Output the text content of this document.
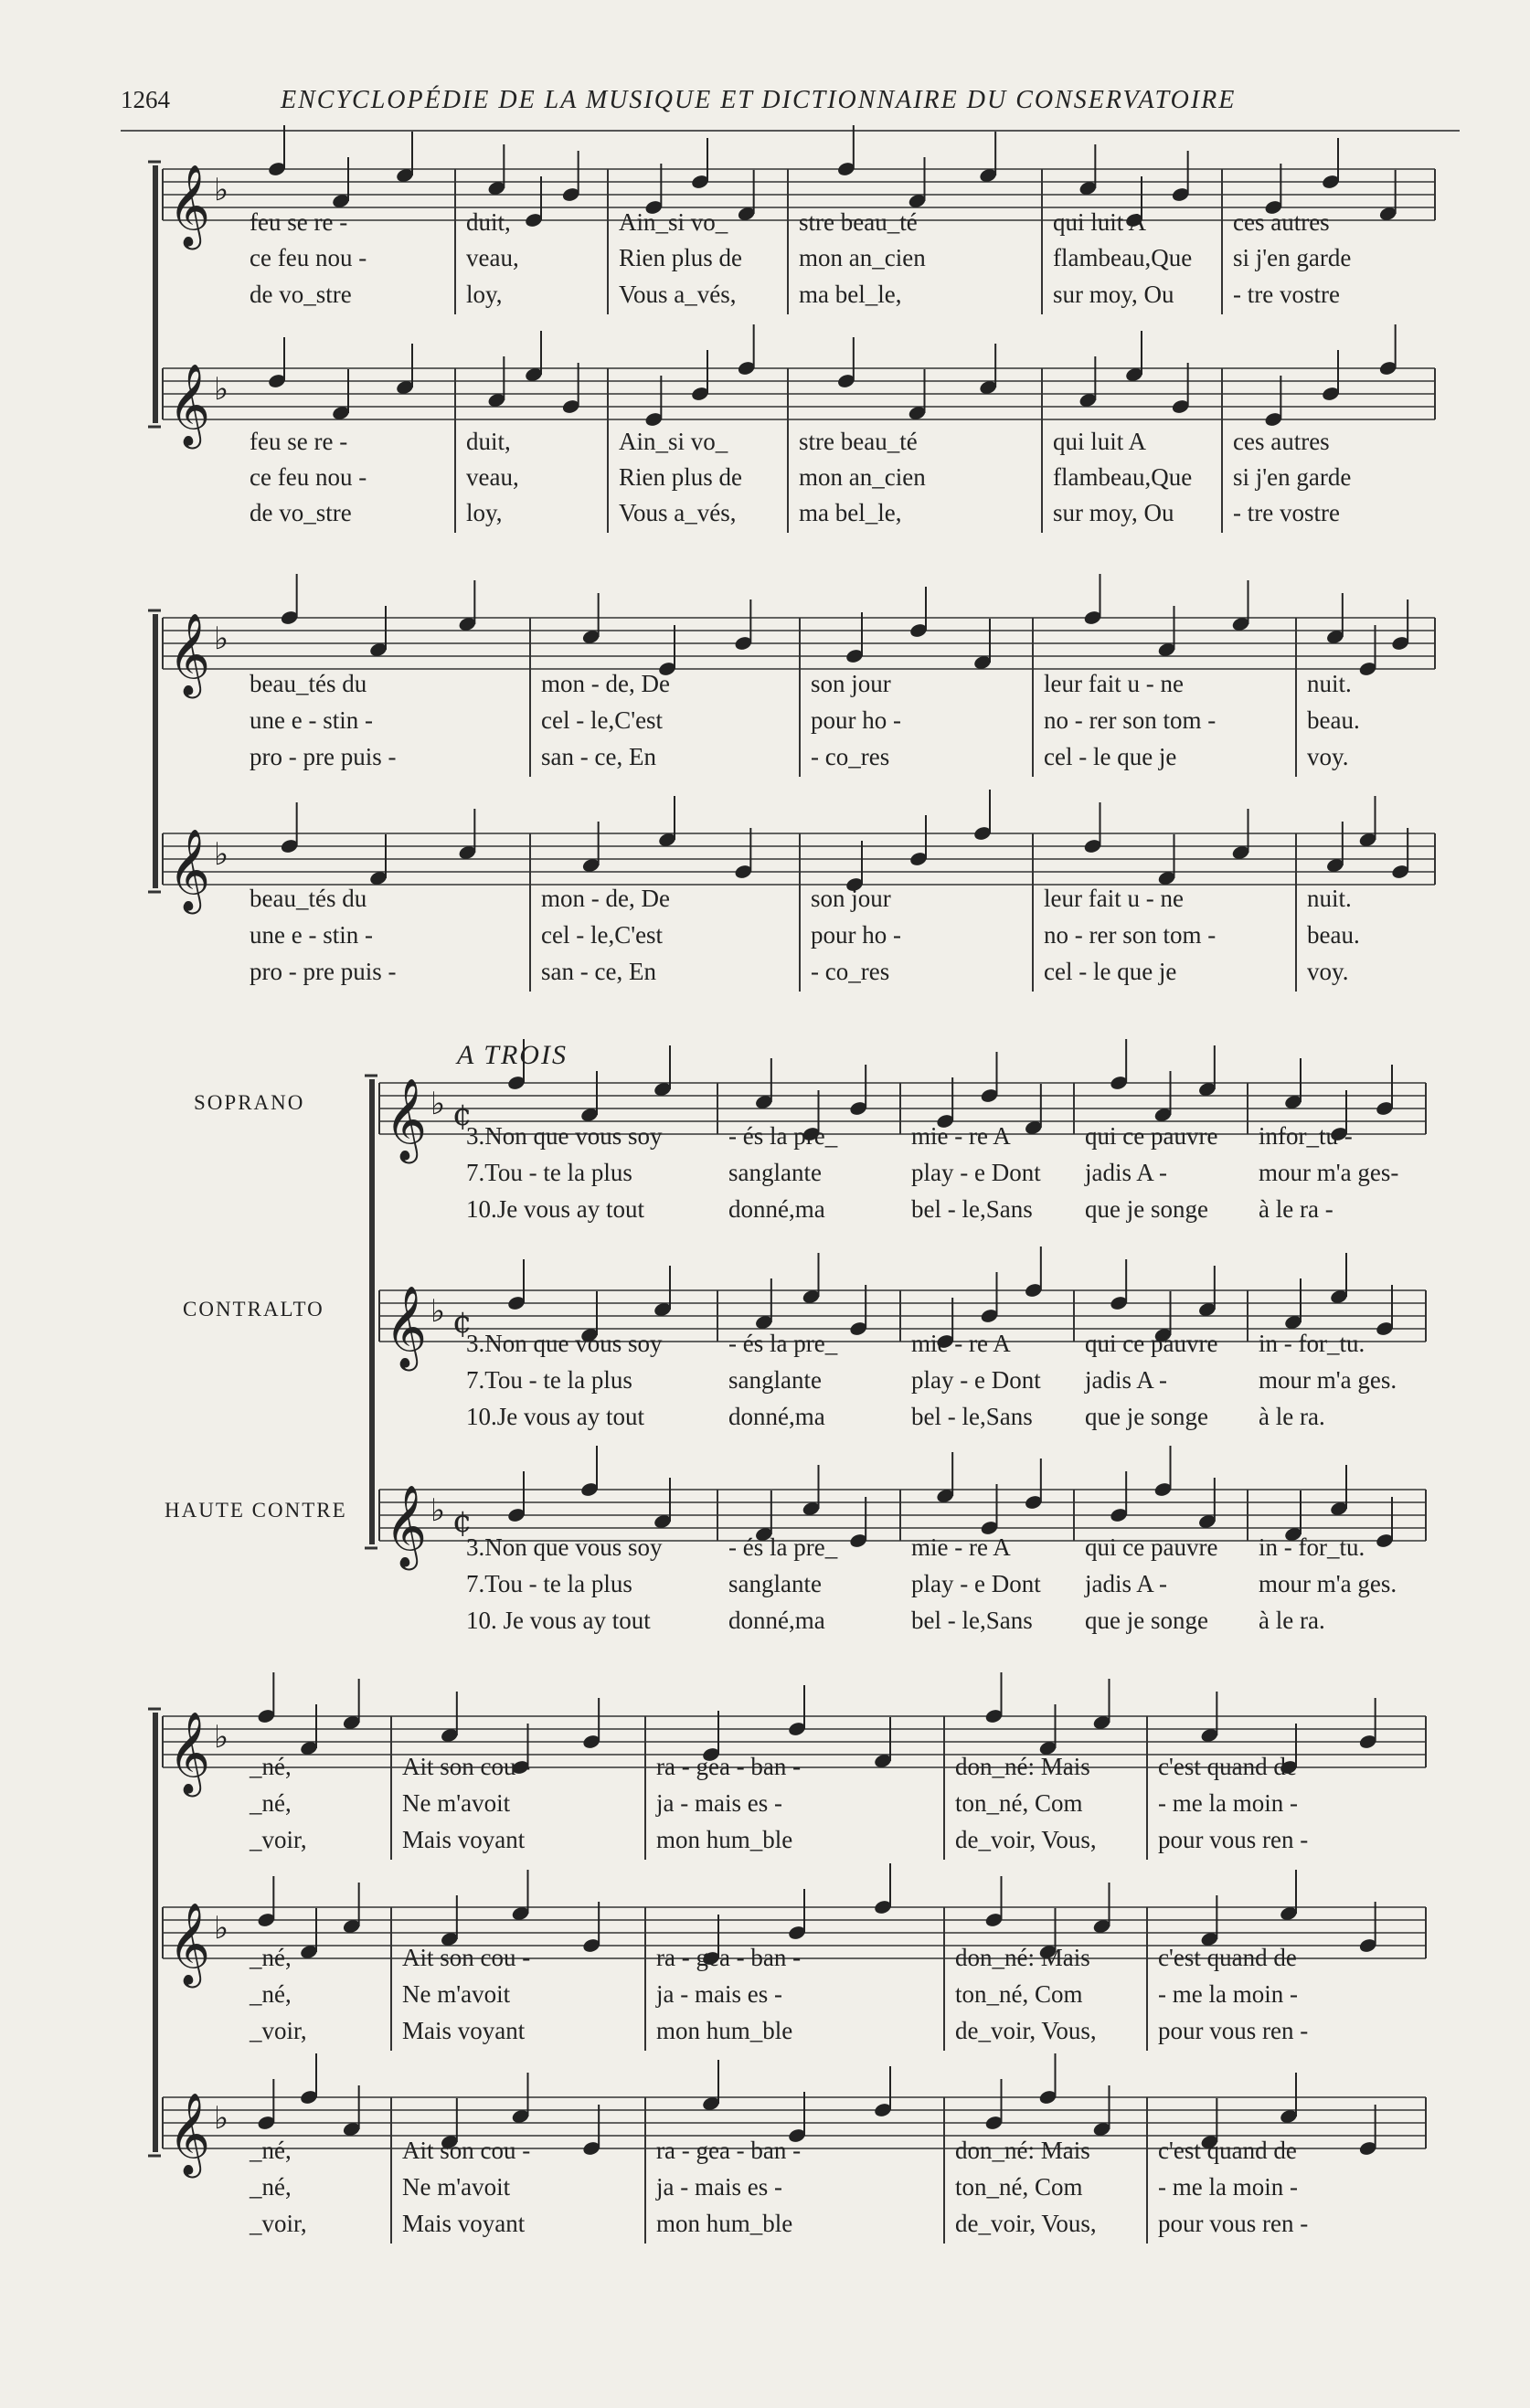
1264	ENCYCLOPÉDIE DE LA MUSIQUE ET DICTIONNAIRE DU CONSERVATOIRE
𝄞 ♭
𝄞 ♭
𝄞 ♭
𝄞 ♭
𝄞 ♭ ¢
𝄞 ♭ ¢
𝄞 ♭ ¢
𝄞 ♭
𝄞 ♭
𝄞 ♭
A TROIS
SOPRANO
CONTRALTO
HAUTE CONTRE
feu se re -
ce feu nou -
de vo_stre
duit,
veau,
loy,
Ain_si vo_
Rien plus de
Vous a_vés,
stre beau_té
mon an_cien
ma bel_le,
qui luit A
flambeau,Que
sur moy, Ou
ces autres
si j'en garde
- tre vostre
feu se re -
ce feu nou -
de vo_stre
duit,
veau,
loy,
Ain_si vo_
Rien plus de
Vous a_vés,
stre beau_té
mon an_cien
ma bel_le,
qui luit A
flambeau,Que
sur moy, Ou
ces autres
si j'en garde
- tre vostre
beau_tés du
une e - stin -
pro - pre puis -
mon - de, De
cel - le,C'est
san - ce, En
son jour
pour ho -
- co_res
leur fait u - ne
no - rer son tom -
cel - le que je
nuit.
beau.
voy.
beau_tés du
une e - stin -
pro - pre puis -
mon - de, De
cel - le,C'est
san - ce, En
son jour
pour ho -
- co_res
leur fait u - ne
no - rer son tom -
cel - le que je
nuit.
beau.
voy.
3.Non que vous soy
7.Tou - te la plus
10.Je vous ay tout
- és la pre_
sanglante
donné,ma
mie - re A
play - e Dont
bel - le,Sans
qui ce pauvre
jadis A -
que je songe
infor_tu -
mour m'a ges-
à le ra -
3.Non que vous soy
7.Tou - te la plus
10.Je vous ay tout
- és la pre_
sanglante
donné,ma
mie - re A
play - e Dont
bel - le,Sans
qui ce pauvre
jadis A -
que je songe
in - for_tu.
mour m'a ges.
à le ra.
3.Non que vous soy
7.Tou - te la plus
10. Je vous ay tout
- és la pre_
sanglante
donné,ma
mie - re A
play - e Dont
bel - le,Sans
qui ce pauvre
jadis A -
que je songe
in - for_tu.
mour m'a ges.
à le ra.
_né,
_né,
_voir,
Ait son cou -
Ne m'avoit
Mais voyant
ra - gea - ban -
ja - mais es -
mon hum_ble
don_né: Mais
ton_né, Com
de_voir, Vous,
c'est quand de
- me la moin -
pour vous ren -
_né,
_né,
_voir,
Ait son cou -
Ne m'avoit
Mais voyant
ra - gea - ban -
ja - mais es -
mon hum_ble
don_né: Mais
ton_né, Com
de_voir, Vous,
c'est quand de
- me la moin -
pour vous ren -
_né,
_né,
_voir,
Ait son cou -
Ne m'avoit
Mais voyant
ra - gea - ban -
ja - mais es -
mon hum_ble
don_né: Mais
ton_né, Com
de_voir, Vous,
c'est quand de
- me la moin -
pour vous ren -
